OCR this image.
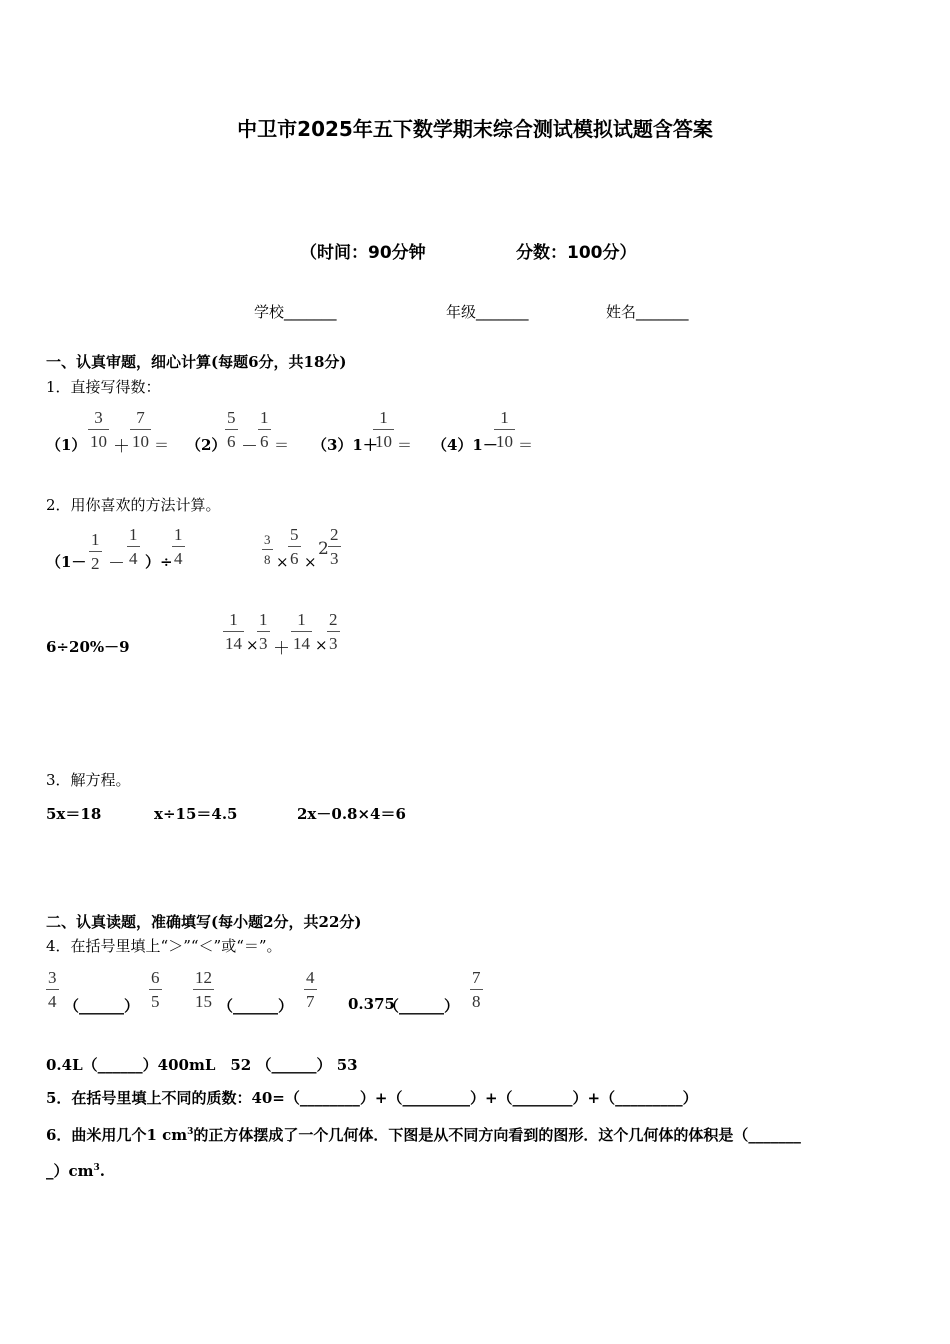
中卫市2025年五下数学期末综合测试模拟试题含答案
（时间：90分钟	分数：100分）
学校_______	年级_______	姓名_______
一、认真审题，细心计算(每题6分，共18分)
1．直接写得数：
$(1) \frac{3}{10} + \frac{7}{10} = (2)$
$\frac{5}{6} - \frac{1}{6} = (3)1+$
$\frac{1}{10} = (4)1-$
$\frac{1}{10}$ ＝
2．用你喜欢的方法计算。
（$1- \frac{1}{2} - \frac{1}{4}$ ）÷ $\frac{1}{4}$	$\frac{3}{8} \times \frac{5}{6}$ ×
$2 \frac{2}{3}$
6÷20%－9	$\frac{1}{14}$ ×
$\frac{1}{3} + \frac{1}{14} \times \frac{2}{3}$
3．解方程。
5x＝18	x÷15＝4.5	2x－0.8×4＝6
二、认真读题，准确填写(每小题2分，共22分)
4．在括号里填上“＞”“＜”或“＝”。
$\frac{3}{4}$ （______） $\frac{6}{5} \frac{12}{15}$ （______） $\frac{4}{7} 0.375$
（______） $\frac{7}{8}$
0.4L（______）400mL　52 （______） 53
5．在括号里填上不同的质数：40=（________）+（_________）+（________）+（_________）
6．曲米用几个1 $cm^3$的正方体摆成了一个几何体．下图是从不同方向看到的图形．这个几何体的体积是（_______
$\_)cm^3$.
